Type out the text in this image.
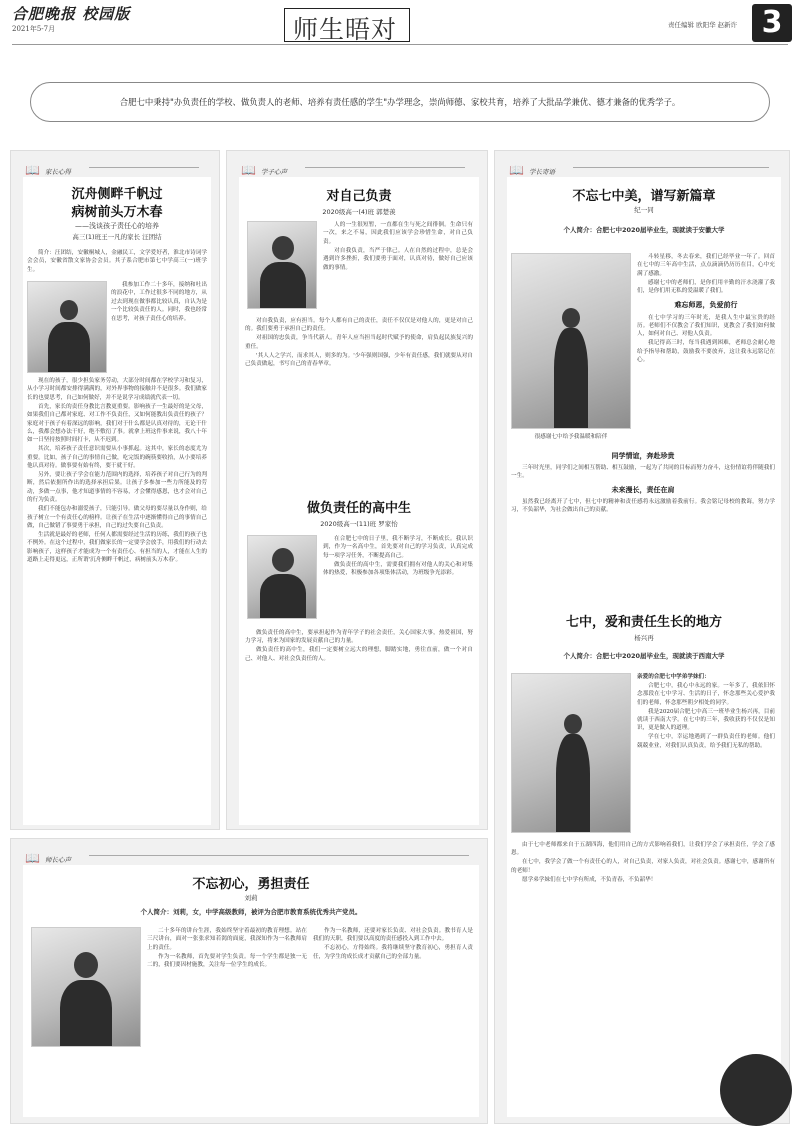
合肥晚报 校园版
2021年5-7月	师生晤对	责任编辑 欧阳华 赵新许 3
合肥七中秉持"办负责任的学校、做负责人的老师、培养有责任感的学生"办学理念，崇尚师德、家校共育，培养了大批品学兼优、德才兼备的优秀学子。
📖 家长心得
沉舟侧畔千帆过
病树前头万木春
——浅谈孩子责任心的培养
高三(1)班王一凡的家长 汪团结
简介：汪团结，安徽桐城人，金融民工，文学爱好者，淮北市诗词学会会员，安徽省散文家协会会员。其子系合肥市第七中学高三(一)班学生。

我参加工作二十多年，接纳和吐出的浪花中，工作过很多不同的地方，从过去到现在做事都比较认真，自认为是一个比较负责任的人。同时，我也经常在思考，对孩子责任心的培养。

现在的孩子，很少担负家务劳动，大部分时间都在学校学习和复习，从小学习时间都安排得满满的，对外界事物的接触并不是很多。我们做家长的也要思考，自己如何做好，并不是说学习成绩就代表一切。

首先，家长的责任身教比言教更重要。影响孩子一生最好的是父母，如果我们自己都对家庭、对工作不负责任，又如何能教出负责任的孩子？家庭对于孩子有着深远的影响，我们对于什么都是认真对待的，无论干什么，我都会想办法干好，绝不敷衍了事。就拿上班这件事来说，我八十年如一日坚持按照时间打卡，从不迟到。

其次，培养孩子责任意识需要从小事抓起。这其中，家长的态度尤为重要。比如，孩子自己的事情自己做，吃完饭的碗筷要收拾，从小要培养他认真对待。做事要有始有终，要干就干好。

另外，要让孩子学会在能力范围内的选择，培养孩子对自己行为的判断，然后依据所作出的选择承担后果。让孩子多参加一些力所能及的劳动，多做一点事，他才知道事情的不容易，才会懂得感恩，也才会对自己的行为负责。

我们不能包办和溺爱孩子，只能引导。做父母的要尽量以身作则，给孩子树立一个有责任心的榜样。让孩子在生活中逐渐懂得自己的事情自己做，自己做错了事要勇于承担，自己的过失要自己负责。

生活就是最好的老师，任何人都需要经过生活的历练，我们的孩子也不例外。在这个过程中，我们做家长的一定要学会放手，用我们的行动去影响孩子，这样孩子才能成为一个有责任心、有担当的人，才能在人生的道路上走得更远，正所谓'沉舟侧畔千帆过，病树前头万木春'。

📖 学子心声
对自己负责
2020级高一(4)班 郭楚羡

人的一生很短暂，一直都在生与死之间徘徊。生命只有一次，来之不易，因此我们应该学会珍惜生命，对自己负责。

对自我负责，当严于律己。人在自然的过程中，总是会遇到许多挫折，我们要勇于面对，认真对待，做好自己应该做的事情。

对自我负责，应有担当。每个人都有自己的责任，责任不仅仅是对他人的，更是对自己的。我们要勇于承担自己的责任。

对祖国的忠负责，争当代新人。青年人应当担当起时代赋予的使命，肩负起民族复兴的重任。

'其人人之学兴，而求其人，则多的为。'少年强则国强，少年有责任感，我们就要从对自己负责做起，书写自己的青春华章。

做负责任的高中生
2020级高一(11)班 罗家怡

在合肥七中的日子里，我不断学习，不断成长。我认识到，作为一名高中生，首先要对自己的学习负责，认真完成每一项学习任务，不断提高自己。

做负责任的高中生，需要我们拥有对他人的关心和对集体的热爱，积极参加各项集体活动，为班级争光添彩。

做负责任的高中生，要承担起作为青年学子的社会责任，关心国家大事，热爱祖国，努力学习，将来为国家的发展贡献自己的力量。

做负责任的高中生，我们一定要树立远大的理想，脚踏实地，勇往直前，做一个对自己、对他人、对社会负责任的人。

📖 学长寄语
不忘七中美，谱写新篇章
纪一同
个人简介：合肥七中2020届毕业生，现就读于安徽大学
很感谢七中给予我温暖和陪伴

斗转星移，冬去春来，我们已经毕业一年了。回首在七中的三年高中生活，点点滴滴仍历历在目，心中充满了感激。

感谢七中的老师们，是你们用辛勤的汗水浇灌了我们，是你们用无私的爱温暖了我们。

难忘师恩，负爱前行

在七中学习的三年时光，是我人生中最宝贵的经历。老师们不仅教会了我们知识，更教会了我们如何做人，如何对自己、对他人负责。

我记得高三时，每当我遇到困难，老师总会耐心地给予指导和帮助，鼓励我不要放弃，这让我永远铭记在心。

同学情谊，奔赴珍贵

三年时光里，同学们之间相互帮助、相互鼓励，一起为了共同的目标而努力奋斗，这份情谊将伴随我们一生。

未来漫长，责任在肩

虽然我已经离开了七中，但七中的精神和责任感将永远激励着我前行。我会铭记母校的教诲，努力学习，不负韶华，为社会做出自己的贡献。

七中，爱和责任生长的地方
杨兴再
个人简介：合肥七中2020届毕业生，现就读于西南大学

亲爱的合肥七中学弟学妹们：

合肥七中，我心中永远的家。一年多了，我依旧怀念那段在七中学习、生活的日子，怀念那些关心爱护我们的老师，怀念那些朝夕相处的同学。

我是2020届合肥七中高三一班毕业生杨兴再，目前就读于西南大学。在七中的三年，我收获的不仅仅是知识，更是做人的道理。

学在七中，幸运地遇到了一群负责任的老师。他们兢兢业业，对我们认真负责，给予我们无私的帮助。

由于七中老师都来自于五湖四海，他们用自己的方式影响着我们，让我们学会了承担责任，学会了感恩。

在七中，我学会了做一个有责任心的人，对自己负责，对家人负责，对社会负责。感谢七中，感谢所有的老师！

愿学弟学妹们在七中学有所成，不负青春，不负韶华！

📖 师长心声
不忘初心，勇担责任
刘莉
个人简介：刘莉，女，中学高级教师，被评为合肥市教育系统优秀共产党员。

二十多年的讲台生涯，我始终坚守着最初的教育理想。站在三尺讲台，面对一张张求知若渴的面庞，我深知作为一名教师肩上的责任。

作为一名教师，首先要对学生负责。每一个学生都是独一无二的，我们要因材施教，关注每一位学生的成长。

作为一名教师，还要对家长负责、对社会负责。教书育人是我们的天职，我们要以高度的责任感投入到工作中去。

不忘初心，方得始终。我将继续坚守教育初心，勇担育人责任，为学生的成长成才贡献自己的全部力量。
